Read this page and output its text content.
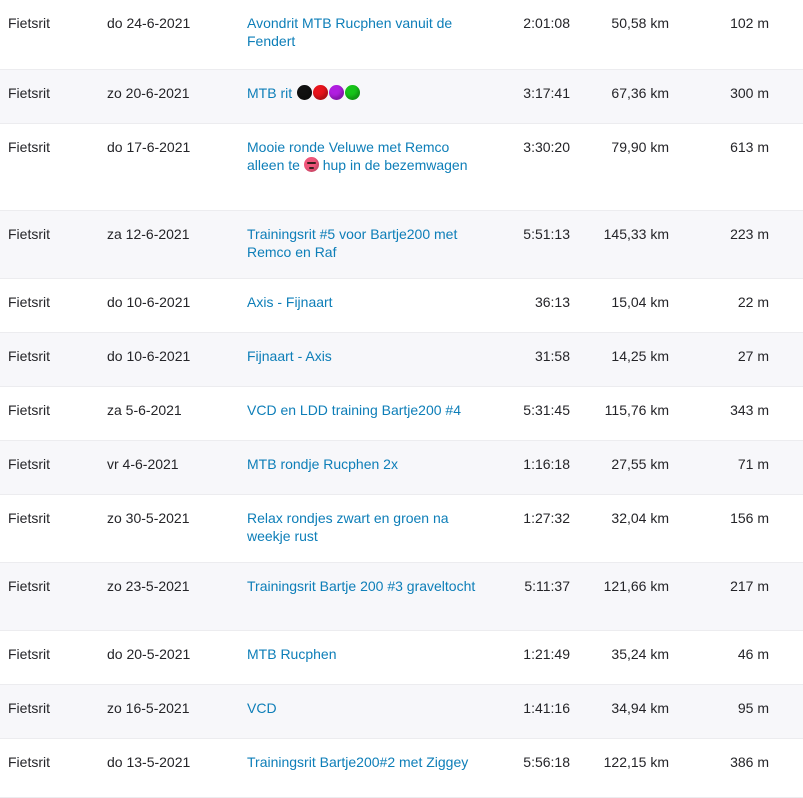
Fietsrit	do 24-6-2021	Avondrit MTB Rucphen vanuit de Fendert	2:01:08	50,58 km	102 m	
Fietsrit	zo 20-6-2021	MTB rit	3:17:41	67,36 km	300 m	
Fietsrit	do 17-6-2021	Mooie ronde Veluwe met Remco alleen te hup in de bezemwagen	3:30:20	79,90 km	613 m	
Fietsrit	za 12-6-2021	Trainingsrit #5 voor Bartje200 met Remco en Raf	5:51:13	145,33 km	223 m	
Fietsrit	do 10-6-2021	Axis - Fijnaart	36:13	15,04 km	22 m	
Fietsrit	do 10-6-2021	Fijnaart - Axis	31:58	14,25 km	27 m	
Fietsrit	za 5-6-2021	VCD en LDD training Bartje200 #4	5:31:45	115,76 km	343 m	
Fietsrit	vr 4-6-2021	MTB rondje Rucphen 2x	1:16:18	27,55 km	71 m	
Fietsrit	zo 30-5-2021	Relax rondjes zwart en groen na weekje rust	1:27:32	32,04 km	156 m	
Fietsrit	zo 23-5-2021	Trainingsrit Bartje 200 #3 graveltocht	5:11:37	121,66 km	217 m	
Fietsrit	do 20-5-2021	MTB Rucphen	1:21:49	35,24 km	46 m	
Fietsrit	zo 16-5-2021	VCD	1:41:16	34,94 km	95 m	
Fietsrit	do 13-5-2021	Trainingsrit Bartje200#2 met Ziggey	5:56:18	122,15 km	386 m	
